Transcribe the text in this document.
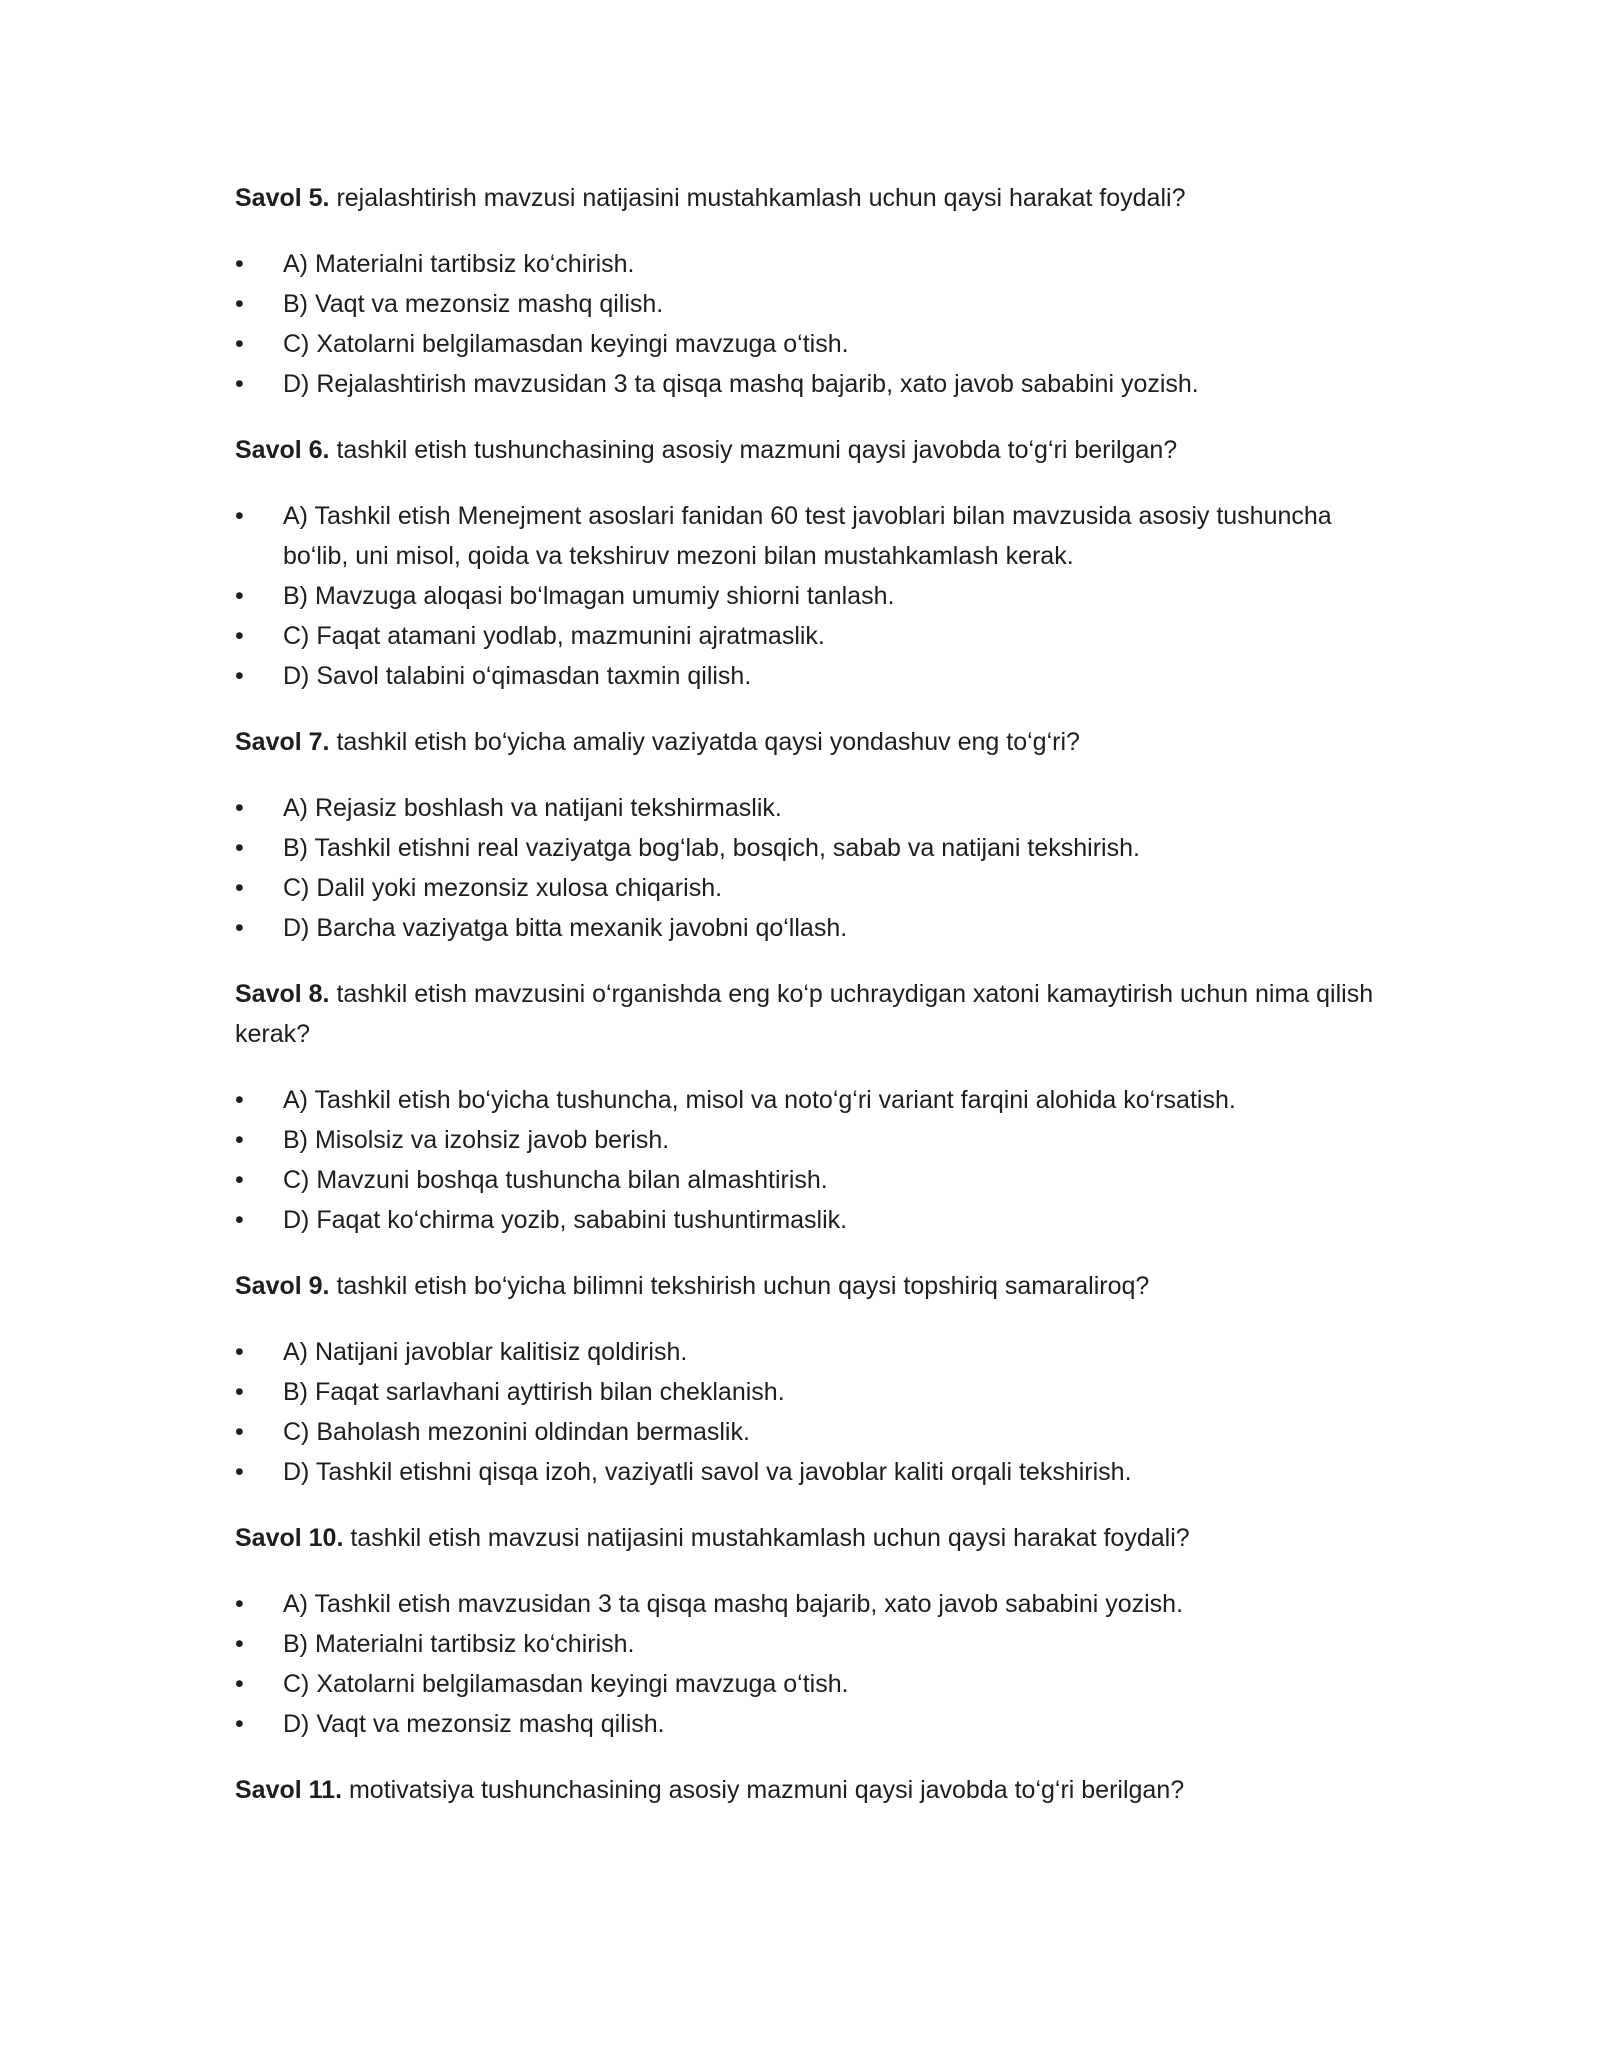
Savol 5. rejalashtirish mavzusi natijasini mustahkamlash uchun qaysi harakat foydali?

•	A) Materialni tartibsiz ko‘chirish.
•	B) Vaqt va mezonsiz mashq qilish.
•	C) Xatolarni belgilamasdan keyingi mavzuga o‘tish.
•	D) Rejalashtirish mavzusidan 3 ta qisqa mashq bajarib, xato javob sababini yozish.

Savol 6. tashkil etish tushunchasining asosiy mazmuni qaysi javobda to‘g‘ri berilgan?

•	A) Tashkil etish Menejment asoslari fanidan 60 test javoblari bilan mavzusida asosiy tushuncha bo‘lib, uni misol, qoida va tekshiruv mezoni bilan mustahkamlash kerak.
•	B) Mavzuga aloqasi bo‘lmagan umumiy shiorni tanlash.
•	C) Faqat atamani yodlab, mazmunini ajratmaslik.
•	D) Savol talabini o‘qimasdan taxmin qilish.

Savol 7. tashkil etish bo‘yicha amaliy vaziyatda qaysi yondashuv eng to‘g‘ri?

•	A) Rejasiz boshlash va natijani tekshirmaslik.
•	B) Tashkil etishni real vaziyatga bog‘lab, bosqich, sabab va natijani tekshirish.
•	C) Dalil yoki mezonsiz xulosa chiqarish.
•	D) Barcha vaziyatga bitta mexanik javobni qo‘llash.

Savol 8. tashkil etish mavzusini o‘rganishda eng ko‘p uchraydigan xatoni kamaytirish uchun nima qilish kerak?

•	A) Tashkil etish bo‘yicha tushuncha, misol va noto‘g‘ri variant farqini alohida ko‘rsatish.
•	B) Misolsiz va izohsiz javob berish.
•	C) Mavzuni boshqa tushuncha bilan almashtirish.
•	D) Faqat ko‘chirma yozib, sababini tushuntirmaslik.

Savol 9. tashkil etish bo‘yicha bilimni tekshirish uchun qaysi topshiriq samaraliroq?

•	A) Natijani javoblar kalitisiz qoldirish.
•	B) Faqat sarlavhani ayttirish bilan cheklanish.
•	C) Baholash mezonini oldindan bermaslik.
•	D) Tashkil etishni qisqa izoh, vaziyatli savol va javoblar kaliti orqali tekshirish.

Savol 10. tashkil etish mavzusi natijasini mustahkamlash uchun qaysi harakat foydali?

•	A) Tashkil etish mavzusidan 3 ta qisqa mashq bajarib, xato javob sababini yozish.
•	B) Materialni tartibsiz ko‘chirish.
•	C) Xatolarni belgilamasdan keyingi mavzuga o‘tish.
•	D) Vaqt va mezonsiz mashq qilish.

Savol 11. motivatsiya tushunchasining asosiy mazmuni qaysi javobda to‘g‘ri berilgan?
